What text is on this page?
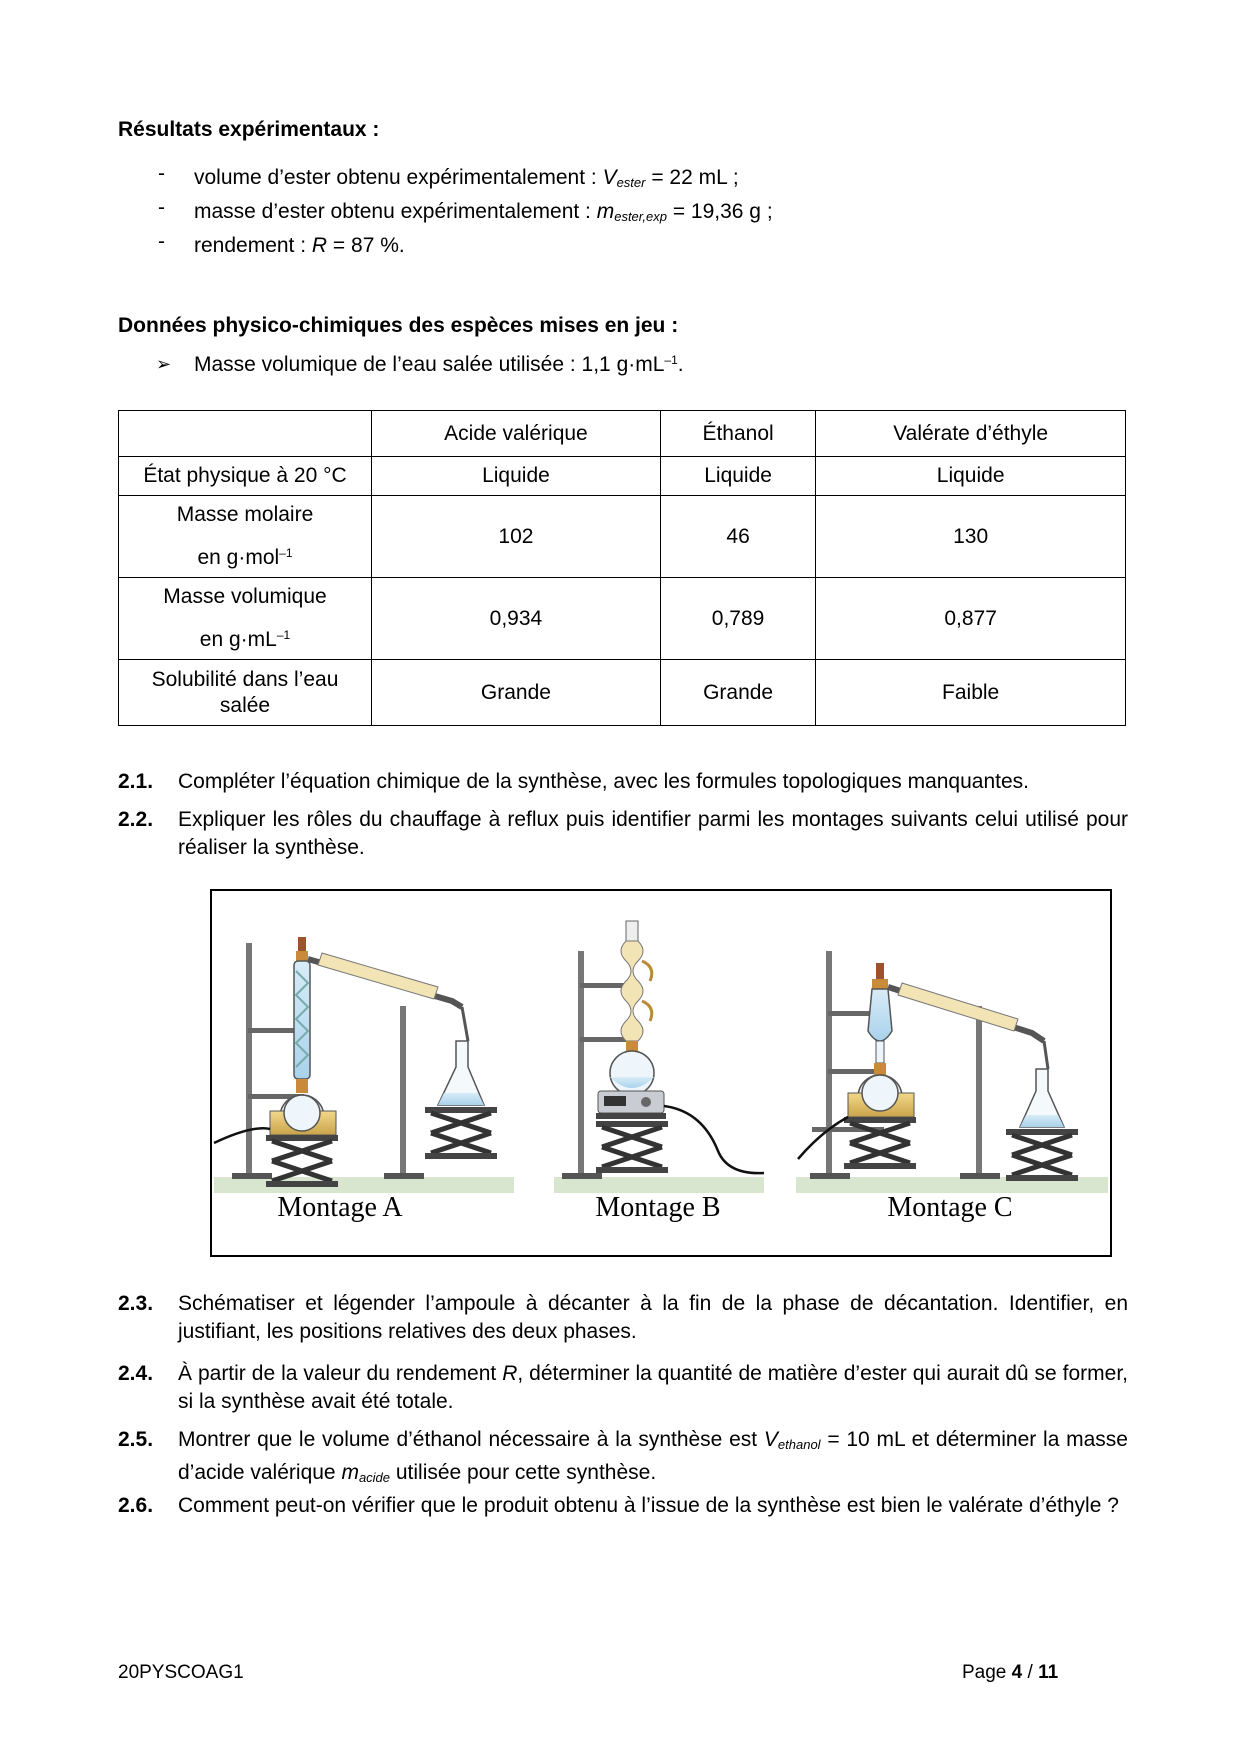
Résultats expérimentaux :
- volume d’ester obtenu expérimentalement : $V_{ester} = 22$ mL ;
- masse d’ester obtenu expérimentalement : $m_{ester,exp} = 19,36$ g ;
- rendement : R = 87 %.
Données physico-chimiques des espèces mises en jeu :
➢ Masse volumique de l’eau salée utilisée : 1,1 $g\cdot mL^{-1}$.
	Acide valérique	Éthanol	Valérate d’éthyle
État physique à 20 °C	Liquide	Liquide	Liquide
Masse molaire
en g·mol$^{-1}$	102	46	130
Masse volumique
en $g\cdot mL^{-1}$	0,934	0,789	0,877
Solubilité dans l’eau
salée	Grande	Grande	Faible
2.1. Compléter l’équation chimique de la synthèse, avec les formules topologiques manquantes.
2.2. Expliquer les rôles du chauffage à reflux puis identifier parmi les montages suivants celui utilisé pour réaliser la synthèse.
Montage A	Montage B	Montage C
2.3. Schématiser et légender l’ampoule à décanter à la fin de la phase de décantation. Identifier, en justifiant, les positions relatives des deux phases.
2.4. À partir de la valeur du rendement R, déterminer la quantité de matière d’ester qui aurait dû se former, si la synthèse avait été totale.
2.5. Montrer que le volume d’éthanol nécessaire à la synthèse est $V_{ethanol} = 10$ mL et déterminer la masse d’acide valérique $m_{acide}$ utilisée pour cette synthèse.
2.6. Comment peut-on vérifier que le produit obtenu à l’issue de la synthèse est bien le valérate d’éthyle ?
20PYSCOAG1	Page 4 / 11
